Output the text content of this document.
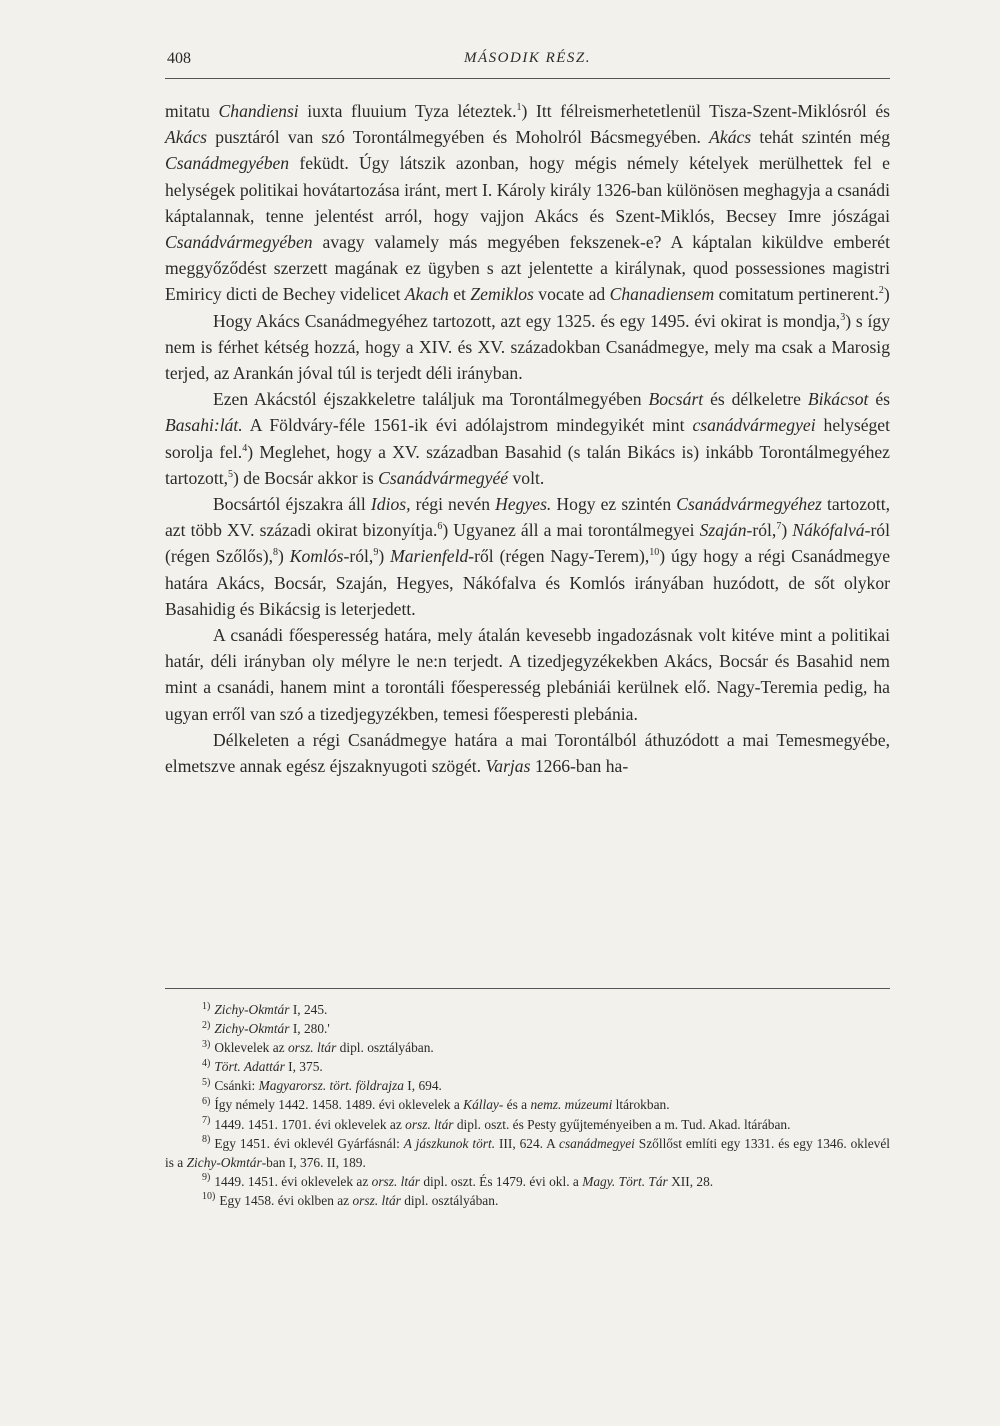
408	MÁSODIK RÉSZ.

mitatu Chandiensi iuxta fluuium Tyza léteztek.$^1$) Itt félreismerhetetlenül Tisza-Szent-Miklósról és Akács pusztáról van szó Torontálmegyében és Moholról Bácsmegyében. Akács tehát szintén még Csanádmegyében feküdt. Úgy látszik azonban, hogy mégis némely kételyek merülhettek fel e helységek politikai hovátartozása iránt, mert I. Károly király 1326-ban különösen meghagyja a csanádi káptalannak, tenne jelentést arról, hogy vajjon Akács és Szent-Miklós, Becsey Imre jószágai Csanádvármegyében avagy valamely más megyében fekszenek-e? A káptalan kiküldve emberét meggyőződést szerzett magának ez ügyben s azt jelentette a királynak, quod possessiones magistri Emiricy dicti de Bechey videlicet Akach et Zemiklos vocate ad Chanadiensem comitatum pertinerent.$^2$)

Hogy Akács Csanádmegyéhez tartozott, azt egy 1325. és egy 1495. évi okirat is mondja,$^3$) s így nem is férhet kétség hozzá, hogy a XIV. és XV. századokban Csanádmegye, mely ma csak a Marosig terjed, az Arankán jóval túl is terjedt déli irányban.

Ezen Akácstól éjszakkeletre találjuk ma Torontálmegyében Bocsárt és délkeletre Bikácsot és Basahi:lát. A Földváry-féle 1561-ik évi adólajstrom mindegyikét mint csanádvármegyei helységet sorolja fel.$^4$) Meglehet, hogy a XV. században Basahid (s talán Bikács is) inkább Torontálmegyéhez tartozott,$^5$) de Bocsár akkor is Csanádvármegyéé volt.

Bocsártól éjszakra áll Idios, régi nevén Hegyes. Hogy ez szintén Csanádvármegyéhez tartozott, azt több XV. századi okirat bizonyítja.$^6$) Ugyanez áll a mai torontálmegyei Szaján-ról,$^7$) Nákófalvá-ról (régen Szőlős),$^8$) Komlós-ról,$^9$) Marienfeld-ről (régen Nagy-Terem),$^{10}$) úgy hogy a régi Csanádmegye határa Akács, Bocsár, Szaján, Hegyes, Nákófalva és Komlós irányában huzódott, de sőt olykor Basahidig és Bikácsig is leterjedett.

A csanádi főesperesség határa, mely átalán kevesebb ingadozásnak volt kitéve mint a politikai határ, déli irányban oly mélyre le ne:n terjedt. A tizedjegyzékekben Akács, Bocsár és Basahid nem mint a csanádi, hanem mint a torontáli főesperesség plebániái kerülnek elő. Nagy-Teremia pedig, ha ugyan erről van szó a tizedjegyzékben, temesi főesperesti plebánia.

Délkeleten a régi Csanádmegye határa a mai Torontálból áthuzódott a mai Temesmegyébe, elmetszve annak egész éjszaknyugoti szögét. Varjas 1266-ban ha-

$^{1)}$ Zichy-Okmtár I, 245.
$^{2)}$ Zichy-Okmtár I, 280.'
$^{3)}$ Oklevelek az orsz. ltár dipl. osztályában.
$^{4)}$ Tört. Adattár I, 375.
$^{5)}$ Csánki: Magyarorsz. tört. földrajza I, 694.
$^{6)}$ Így némely 1442. 1458. 1489. évi oklevelek a Kállay- és a nemz. múzeumi ltárokban.
$^{7)}$ 1449. 1451. 1701. évi oklevelek az orsz. ltár dipl. oszt. és Pesty gyűjteményeiben a m. Tud. Akad. ltárában.
$^{8)}$ Egy 1451. évi oklevél Gyárfásnál: A jászkunok tört. III, 624. A csanádmegyei Szőllőst említi egy 1331. és egy 1346. oklevél is a Zichy-Okmtár-ban I, 376. II, 189.
$^{9)}$ 1449. 1451. évi oklevelek az orsz. ltár dipl. oszt. És 1479. évi okl. a Magy. Tört. Tár XII, 28.
$^{10)}$ Egy 1458. évi oklben az orsz. ltár dipl. osztályában.
